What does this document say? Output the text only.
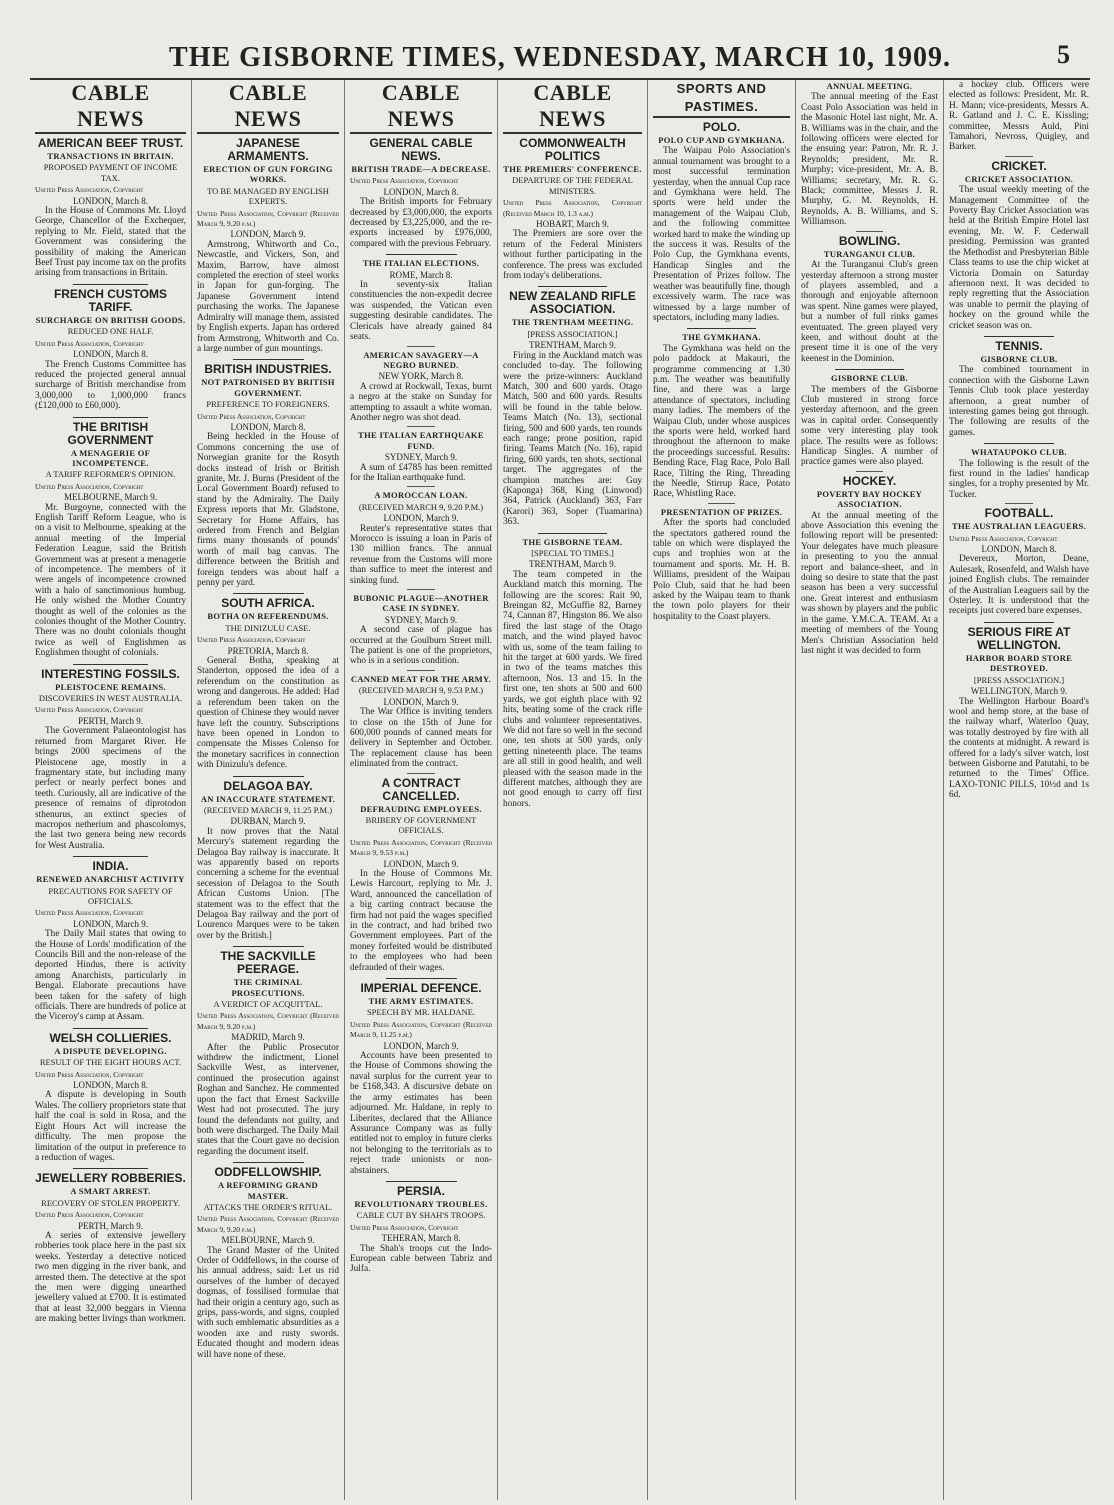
THE GISBORNE TIMES, WEDNESDAY, MARCH 10, 1909.	5
CABLE NEWS
AMERICAN BEEF TRUST.
TRANSACTIONS IN BRITAIN.
PROPOSED PAYMENT OF INCOME TAX.
United Press Association, Copyright
LONDON, March 8.

In the House of Commons Mr. Lloyd George, Chancellor of the Exchequer, replying to Mr. Field, stated that the Government was considering the possibility of making the American Beef Trust pay income tax on the profits arising from transactions in Britain.

FRENCH CUSTOMS TARIFF.
SURCHARGE ON BRITISH GOODS.
REDUCED ONE HALF.
United Press Association, Copyright
LONDON, March 8.

The French Customs Committee has reduced the projected general annual surcharge of British merchandise from 3,000,000 to 1,000,000 francs (£120,000 to £60,000).

THE BRITISH GOVERNMENT
A MENAGERIE OF INCOMPETENCE.
A TARIFF REFORMER'S OPINION.
United Press Association, Copyright
MELBOURNE, March 9.

Mr. Burgoyne, connected with the English Tariff Reform League, who is on a visit to Melbourne, speaking at the annual meeting of the Imperial Federation League, said the British Government was at present a menagerie of incompetence. The members of it were angels of incompetence crowned with a halo of sanctimonious humbug. He only wished the Mother Country thought as well of the colonies as the colonies thought of the Mother Country. There was no doubt colonials thought twice as well of Englishmen as Englishmen thought of colonials.

INTERESTING FOSSILS.
PLEISTOCENE REMAINS.
DISCOVERIES IN WEST AUSTRALIA.
United Press Association, Copyright
PERTH, March 9.

The Government Palaeontologist has returned from Margaret River. He brings 2000 specimens of the Pleistocene age, mostly in a fragmentary state, but including many perfect or nearly perfect bones and teeth. Curiously, all are indicative of the presence of remains of diprotodon sthenurus, an extinct species of macropos netherium and phascolomys, the last two genera being new records for West Australia.

INDIA.
RENEWED ANARCHIST ACTIVITY
PRECAUTIONS FOR SAFETY OF OFFICIALS.
United Press Association, Copyright
LONDON, March 9.

The Daily Mail states that owing to the House of Lords' modification of the Councils Bill and the non-release of the deported Hindus, there is activity among Anarchists, particularly in Bengal. Elaborate precautions have been taken for the safety of high officials. There are hundreds of police at the Viceroy's camp at Assam.

WELSH COLLIERIES.
A DISPUTE DEVELOPING.
RESULT OF THE EIGHT HOURS ACT.
United Press Association, Copyright
LONDON, March 8.

A dispute is developing in South Wales. The colliery proprietors state that half the coal is sold in Rosa, and the Eight Hours Act will increase the difficulty. The men propose the limitation of the output in preference to a reduction of wages.

JEWELLERY ROBBERIES.
A SMART ARREST.
RECOVERY OF STOLEN PROPERTY.
United Press Association, Copyright
PERTH, March 9.

A series of extensive jewellery robberies took place here in the past six weeks. Yesterday a detective noticed two men digging in the river bank, and arrested them. The detective at the spot the men were digging unearthed jewellery valued at £700. It is estimated that at least 32,000 beggars in Vienna are making better livings than workmen.

CABLE NEWS
JAPANESE ARMAMENTS.
ERECTION OF GUN FORGING WORKS.
TO BE MANAGED BY ENGLISH EXPERTS.
United Press Association, Copyright (Received March 9, 9.20 p.m.)
LONDON, March 9.

Armstrong, Whitworth and Co., Newcastle, and Vickers, Son, and Maxim, Barrow, have almost completed the erection of steel works in Japan for gun-forging. The Japanese Government intend purchasing the works. The Japanese Admiralty will manage them, assisted by English experts. Japan has ordered from Armstrong, Whitworth and Co. a large number of gun mountings.

BRITISH INDUSTRIES.
NOT PATRONISED BY BRITISH GOVERNMENT.
PREFERENCE TO FOREIGNERS.
United Press Association, Copyright
LONDON, March 8.

Being heckled in the House of Commons concerning the use of Norwegian granite for the Rosyth docks instead of Irish or British granite, Mr. J. Burns (President of the Local Government Board) refused to stand by the Admiralty. The Daily Express reports that Mr. Gladstone, Secretary for Home Affairs, has ordered from French and Belgian firms many thousands of pounds' worth of mail bag canvas. The difference between the British and foreign tenders was about half a penny per yard.

SOUTH AFRICA.
BOTHA ON REFERENDUMS.
THE DINIZULU CASE.
United Press Association, Copyright
PRETORIA, March 8.

General Botha, speaking at Standerton, opposed the idea of a referendum on the constitution as wrong and dangerous. He added: Had a referendum been taken on the question of Chinese they would never have left the country. Subscriptions have been opened in London to compensate the Misses Colenso for the monetary sacrifices in connection with Dinizulu's defence.

DELAGOA BAY.
AN INACCURATE STATEMENT.
(RECEIVED MARCH 9, 11.25 P.M.)
DURBAN, March 9.

It now proves that the Natal Mercury's statement regarding the Delagoa Bay railway is inaccurate. It was apparently based on reports concerning a scheme for the eventual secession of Delagoa to the South African Customs Union. [The statement was to the effect that the Delagoa Bay railway and the port of Lourenco Marques were to be taken over by the British.]

THE SACKVILLE PEERAGE.
THE CRIMINAL PROSECUTIONS.
A VERDICT OF ACQUITTAL.
United Press Association, Copyright (Received March 9, 9.20 p.m.)
MADRID, March 9.

After the Public Prosecutor withdrew the indictment, Lionel Sackville West, as intervener, continued the prosecution against Roghan and Sanchez. He commented upon the fact that Ernest Sackville West had not prosecuted. The jury found the defendants not guilty, and both were discharged. The Daily Mail states that the Court gave no decision regarding the document itself.

ODDFELLOWSHIP.
A REFORMING GRAND MASTER.
ATTACKS THE ORDER'S RITUAL.
United Press Association, Copyright (Received March 9, 9.20 p.m.)
MELBOURNE, March 9.

The Grand Master of the United Order of Oddfellows, in the course of his annual address, said: Let us rid ourselves of the lumber of decayed dogmas, of fossilised formulae that had their origin a century ago, such as grips, pass-words, and signs, coupled with such emblematic absurdities as a wooden axe and rusty swords. Educated thought and modern ideas will have none of these.

CABLE NEWS
GENERAL CABLE NEWS.
BRITISH TRADE—A DECREASE.
United Press Association, Copyright
LONDON, March 8.

The British imports for February decreased by £3,000,000, the exports decreased by £3,225,000, and the re-exports increased by £976,000, compared with the previous February.

THE ITALIAN ELECTIONS.
ROME, March 8.

In seventy-six Italian constituencies the non-expedit decree was suspended, the Vatican even suggesting desirable candidates. The Clericals have already gained 84 seats.

AMERICAN SAVAGERY—A NEGRO BURNED.
NEW YORK, March 8.

A crowd at Rockwall, Texas, burnt a negro at the stake on Sunday for attempting to assault a white woman. Another negro was shot dead.

THE ITALIAN EARTHQUAKE FUND.
SYDNEY, March 9.

A sum of £4785 has been remitted for the Italian earthquake fund.

A MOROCCAN LOAN.
(RECEIVED MARCH 9, 9.20 P.M.)
LONDON, March 9.

Reuter's representative states that Morocco is issuing a loan in Paris of 130 million francs. The annual revenue from the Customs will more than suffice to meet the interest and sinking fund.

BUBONIC PLAGUE—ANOTHER CASE IN SYDNEY.
SYDNEY, March 9.

A second case of plague has occurred at the Goulburn Street mill. The patient is one of the proprietors, who is in a serious condition.

CANNED MEAT FOR THE ARMY.
(RECEIVED MARCH 9, 9.53 P.M.)
LONDON, March 9.

The War Office is inviting tenders to close on the 15th of June for 600,000 pounds of canned meats for delivery in September and October. The replacement clause has been eliminated from the contract.

A CONTRACT CANCELLED.
DEFRAUDING EMPLOYEES.
BRIBERY OF GOVERNMENT OFFICIALS.
United Press Association, Copyright (Received March 9, 9.53 p.m.)
LONDON, March 9.

In the House of Commons Mr. Lewis Harcourt, replying to Mr. J. Ward, announced the cancellation of a big carting contract because the firm had not paid the wages specified in the contract, and had bribed two Government employees. Part of the money forfeited would be distributed to the employees who had been defrauded of their wages.

IMPERIAL DEFENCE.
THE ARMY ESTIMATES.
SPEECH BY MR. HALDANE.
United Press Association, Copyright (Received March 9, 11.25 p.m.)
LONDON, March 9.

Accounts have been presented to the House of Commons showing the naval surplus for the current year to be £168,343. A discursive debate on the army estimates has been adjourned. Mr. Haldane, in reply to Liberites, declared that the Alliance Assurance Company was as fully entitled not to employ in future clerks not belonging to the territorials as to reject trade unionists or non-abstainers.

PERSIA.
REVOLUTIONARY TROUBLES.
CABLE CUT BY SHAH'S TROOPS.
United Press Association, Copyright
TEHERAN, March 8.

The Shah's troops cut the Indo-European cable between Tabriz and Julfa.

CABLE NEWS
COMMONWEALTH POLITICS
THE PREMIERS' CONFERENCE.
DEPARTURE OF THE FEDERAL MINISTERS.
United Press Association, Copyright (Received March 10, 1.3 a.m.)
HOBART, March 9.

The Premiers are sore over the return of the Federal Ministers without further participating in the conference. The press was excluded from today's deliberations.

NEW ZEALAND RIFLE ASSOCIATION.
THE TRENTHAM MEETING.
[PRESS ASSOCIATION.]
TRENTHAM, March 9.

Firing in the Auckland match was concluded to-day. The following were the prize-winners: Auckland Match, 300 and 600 yards. Otago Match, 500 and 600 yards. Results will be found in the table below. Teams Match (No. 13), sectional firing, 500 and 600 yards, ten rounds each range; prone position, rapid firing. Teams Match (No. 16), rapid firing, 600 yards, ten shots, sectional target. The aggregates of the champion matches are: Guy (Kaponga) 368, King (Linwood) 364, Patrick (Auckland) 363, Farr (Karori) 363, Soper (Tuamarina) 363.

THE GISBORNE TEAM.
[SPECIAL TO TIMES.]
TRENTHAM, March 9.

The team competed in the Auckland match this morning. The following are the scores: Rait 90, Breingan 82, McGuffie 82, Barney 74, Cannan 87, Hingston 86. We also fired the last stage of the Otago match, and the wind played havoc with us, some of the team failing to hit the target at 600 yards. We fired in two of the teams matches this afternoon, Nos. 13 and 15. In the first one, ten shots at 500 and 600 yards, we got eighth place with 92 hits, beating some of the crack rifle clubs and volunteer representatives. We did not fare so well in the second one, ten shots at 500 yards, only getting nineteenth place. The teams are all still in good health, and well pleased with the season made in the different matches, although they are not good enough to carry off first honors.

SPORTS AND PASTIMES.
POLO.
POLO CUP AND GYMKHANA.

The Waipau Polo Association's annual tournament was brought to a most successful termination yesterday, when the annual Cup race and Gymkhana were held. The sports were held under the management of the Waipau Club, and the following committee worked hard to make the winding up the success it was. Results of the Polo Cup, the Gymkhana events, Handicap Singles and the Presentation of Prizes follow. The weather was beautifully fine, though excessively warm. The race was witnessed by a large number of spectators, including many ladies.

THE GYMKHANA.

The Gymkhana was held on the polo paddock at Makauri, the programme commencing at 1.30 p.m. The weather was beautifully fine, and there was a large attendance of spectators, including many ladies. The members of the Waipau Club, under whose auspices the sports were held, worked hard throughout the afternoon to make the proceedings successful. Results: Bending Race, Flag Race, Polo Ball Race, Tilting the Ring, Threading the Needle, Stirrup Race, Potato Race, Whistling Race.

PRESENTATION OF PRIZES.

After the sports had concluded the spectators gathered round the table on which were displayed the cups and trophies won at the tournament and sports. Mr. H. B. Williams, president of the Waipau Polo Club, said that he had been asked by the Waipau team to thank the town polo players for their hospitality to the Coast players.

ANNUAL MEETING.

The annual meeting of the East Coast Polo Association was held in the Masonic Hotel last night, Mr. A. B. Williams was in the chair, and the following officers were elected for the ensuing year: Patron, Mr. R. J. Reynolds; president, Mr. R. Murphy; vice-president, Mr. A. B. Williams; secretary, Mr. R. G. Black; committee, Messrs J. R. Murphy, G. M. Reynolds, H. Reynolds, A. B. Williams, and S. Williamson.

BOWLING.
TURANGANUI CLUB.

At the Turanganui Club's green yesterday afternoon a strong muster of players assembled, and a thorough and enjoyable afternoon was spent. Nine games were played, but a number of full rinks games eventuated. The green played very keen, and without doubt at the present time it is one of the very keenest in the Dominion.

GISBORNE CLUB.

The members of the Gisborne Club mustered in strong force yesterday afternoon, and the green was in capital order. Consequently some very interesting play took place. The results were as follows: Handicap Singles. A number of practice games were also played.

HOCKEY.
POVERTY BAY HOCKEY ASSOCIATION.

At the annual meeting of the above Association this evening the following report will be presented: Your delegates have much pleasure in presenting to you the annual report and balance-sheet, and in doing so desire to state that the past season has been a very successful one. Great interest and enthusiasm was shown by players and the public in the game. Y.M.C.A. TEAM. At a meeting of members of the Young Men's Christian Association held last night it was decided to form

a hockey club. Officers were elected as follows: President, Mr. R. H. Mann; vice-presidents, Messrs A. R. Gatland and J. C. E. Kissling; committee, Messrs Auld, Pini Tamahori, Nevross, Quigley, and Barker.

CRICKET.
CRICKET ASSOCIATION.

The usual weekly meeting of the Management Committee of the Poverty Bay Cricket Association was held at the British Empire Hotel last evening, Mr. W. F. Cederwall presiding. Permission was granted the Methodist and Presbyterian Bible Class teams to use the chip wicket at Victoria Domain on Saturday afternoon next. It was decided to reply regretting that the Association was unable to permit the playing of hockey on the ground while the cricket season was on.

TENNIS.
GISBORNE CLUB.

The combined tournament in connection with the Gisborne Lawn Tennis Club took place yesterday afternoon, a great number of interesting games being got through. The following are results of the games.

WHATAUPOKO CLUB.

The following is the result of the first round in the ladies' handicap singles, for a trophy presented by Mr. Tucker.

FOOTBALL.
THE AUSTRALIAN LEAGUERS.
United Press Association, Copyright
LONDON, March 8.

Devereux, Morton, Deane, Aulesark, Rosenfeld, and Walsh have joined English clubs. The remainder of the Australian Leaguers sail by the Osterley. It is understood that the receipts just covered bare expenses.

SERIOUS FIRE AT WELLINGTON.
HARBOR BOARD STORE DESTROYED.
[PRESS ASSOCIATION.]
WELLINGTON, March 9.

The Wellington Harbour Board's wool and hemp store, at the base of the railway wharf, Waterloo Quay, was totally destroyed by fire with all the contents at midnight. A reward is offered for a lady's silver watch, lost between Gisborne and Patutahi, to be returned to the Times' Office. LAXO-TONIC PILLS, 10½d and 1s 6d.
